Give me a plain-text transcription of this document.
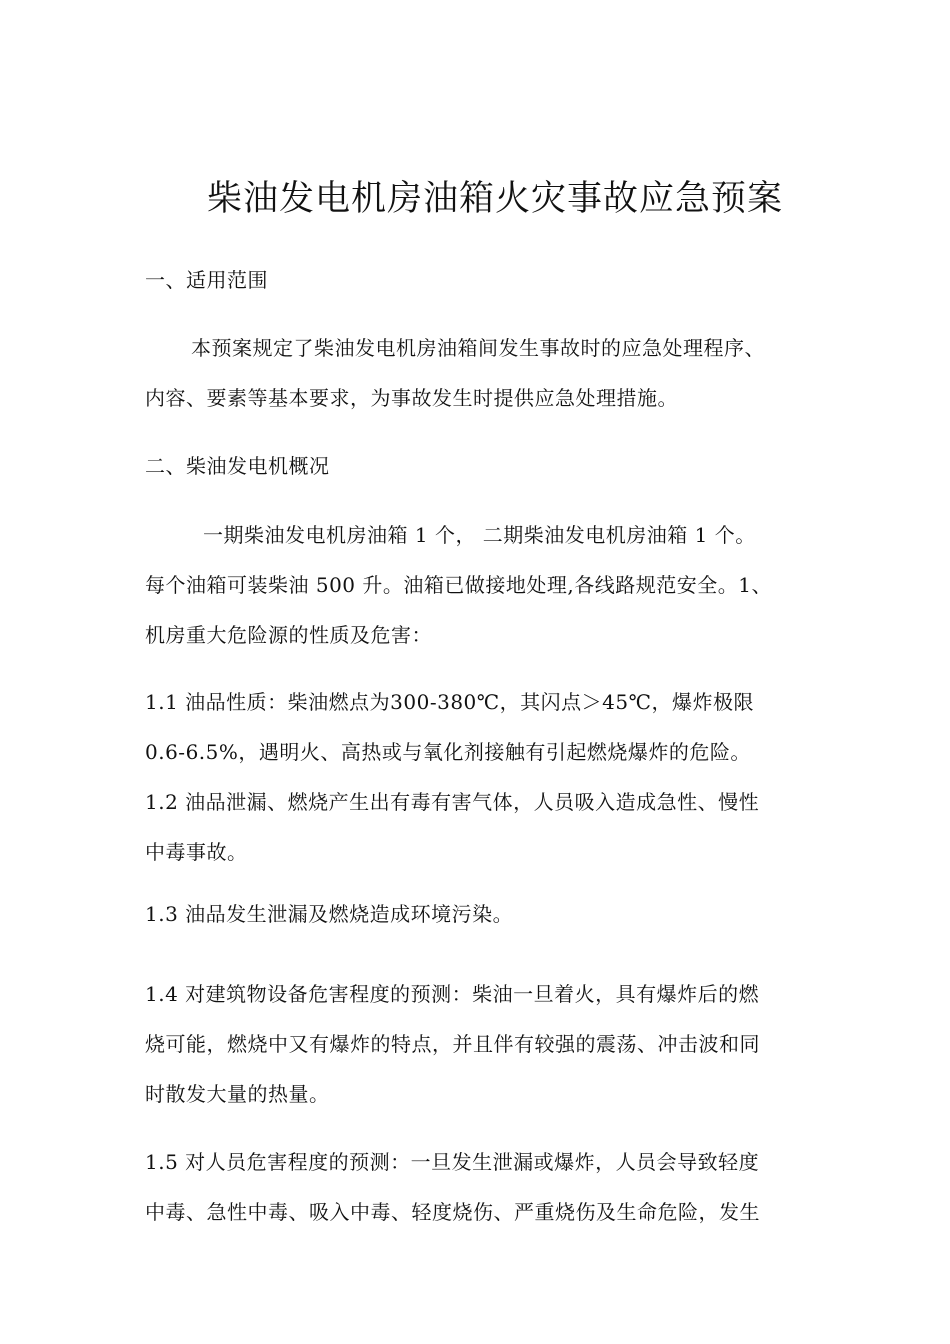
柴油发电机房油箱火灾事故应急预案
一、适用范围
本预案规定了柴油发电机房油箱间发生事故时的应急处理程序、
内容、要素等基本要求，为事故发生时提供应急处理措施。
二、柴油发电机概况
一期柴油发电机房油箱 1 个， 二期柴油发电机房油箱 1 个。
每个油箱可装柴油 500 升。油箱已做接地处理,各线路规范安全。1、
机房重大危险源的性质及危害：
1.1 油品性质：柴油燃点为300-380℃，其闪点＞45℃，爆炸极限
0.6-6.5%，遇明火、高热或与氧化剂接触有引起燃烧爆炸的危险。
1.2 油品泄漏、燃烧产生出有毒有害气体，人员吸入造成急性、慢性
中毒事故。
1.3 油品发生泄漏及燃烧造成环境污染。
1.4 对建筑物设备危害程度的预测：柴油一旦着火，具有爆炸后的燃
烧可能，燃烧中又有爆炸的特点，并且伴有较强的震荡、冲击波和同
时散发大量的热量。
1.5 对人员危害程度的预测：一旦发生泄漏或爆炸，人员会导致轻度
中毒、急性中毒、吸入中毒、轻度烧伤、严重烧伤及生命危险，发生
